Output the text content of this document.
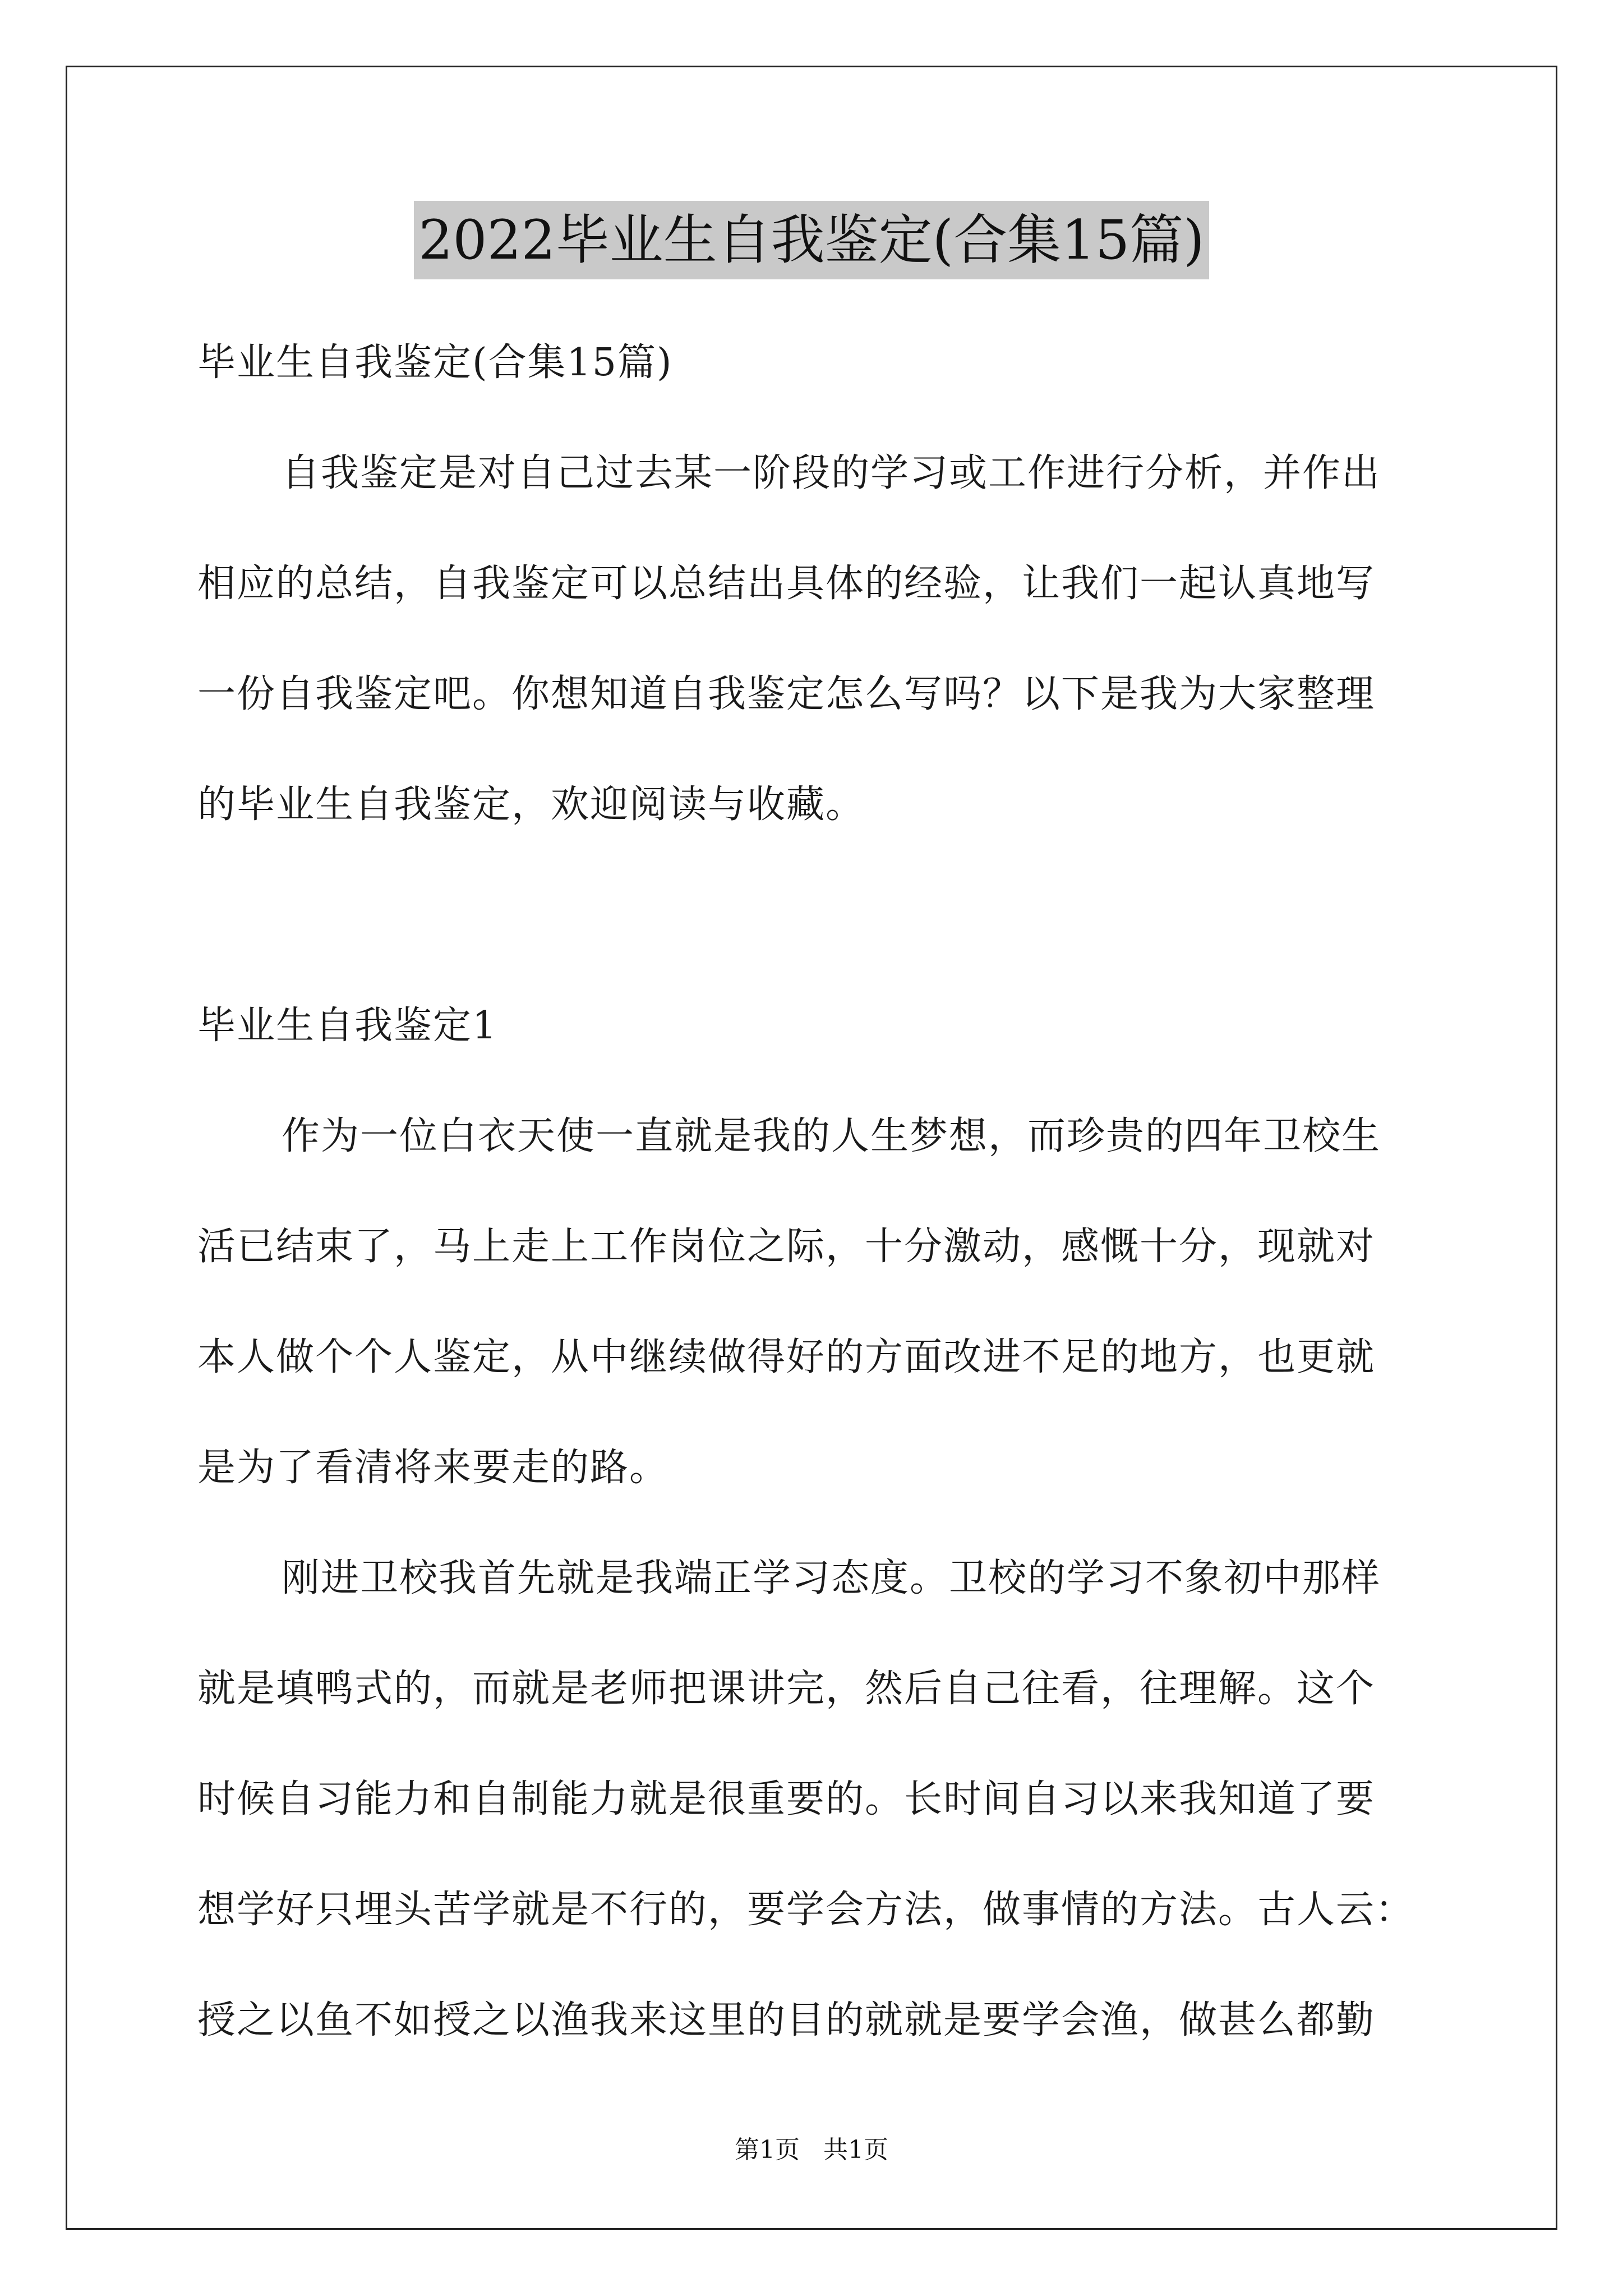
2022毕业生自我鉴定(合集15篇)
毕业生自我鉴定(合集15篇)
自我鉴定是对自己过去某一阶段的学习或工作进行分析，并作出
相应的总结，自我鉴定可以总结出具体的经验，让我们一起认真地写
一份自我鉴定吧。你想知道自我鉴定怎么写吗？以下是我为大家整理
的毕业生自我鉴定，欢迎阅读与收藏。
毕业生自我鉴定1
作为一位白衣天使一直就是我的人生梦想，而珍贵的四年卫校生
活已结束了，马上走上工作岗位之际，十分激动，感慨十分，现就对
本人做个个人鉴定，从中继续做得好的方面改进不足的地方，也更就
是为了看清将来要走的路。
刚进卫校我首先就是我端正学习态度。卫校的学习不象初中那样
就是填鸭式的，而就是老师把课讲完，然后自己往看，往理解。这个
时候自习能力和自制能力就是很重要的。长时间自习以来我知道了要
想学好只埋头苦学就是不行的，要学会方法，做事情的方法。古人云：
授之以鱼不如授之以渔我来这里的目的就就是要学会渔，做甚么都勤
第1页 共1页
